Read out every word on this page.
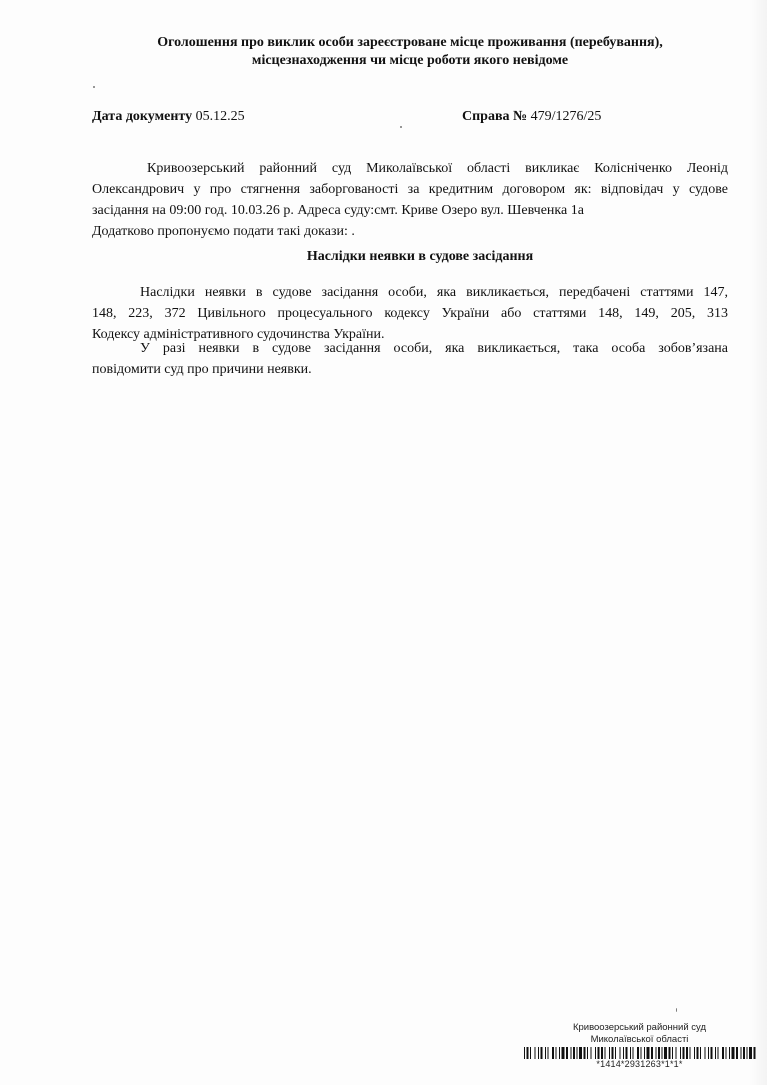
Оголошення про виклик особи зареєстроване місце проживання (перебування),
місцезнаходження чи місце роботи якого невідоме
Дата документу 05.12.25	Справа № 479/1276/25
Кривоозерський районний суд Миколаївської області викликає Колісніченко Леонід
Олександрович у про стягнення заборгованості за кредитним договором як: відповідач у судове
засідання на 09:00 год. 10.03.26 р. Адреса суду:смт. Криве Озеро вул. Шевченка 1а
Додатково пропонуємо подати такі докази: .
Наслідки неявки в судове засідання
Наслідки неявки в судове засідання особи, яка викликається, передбачені статтями 147,
148, 223, 372 Цивільного процесуального кодексу України або статтями 148, 149, 205, 313
Кодексу адміністративного судочинства України.
У разі неявки в судове засідання особи, яка викликається, така особа зобов’язана
повідомити суд про причини неявки.
Кривоозерський районний суд
Миколаївської області
*1414*2931263*1*1*
